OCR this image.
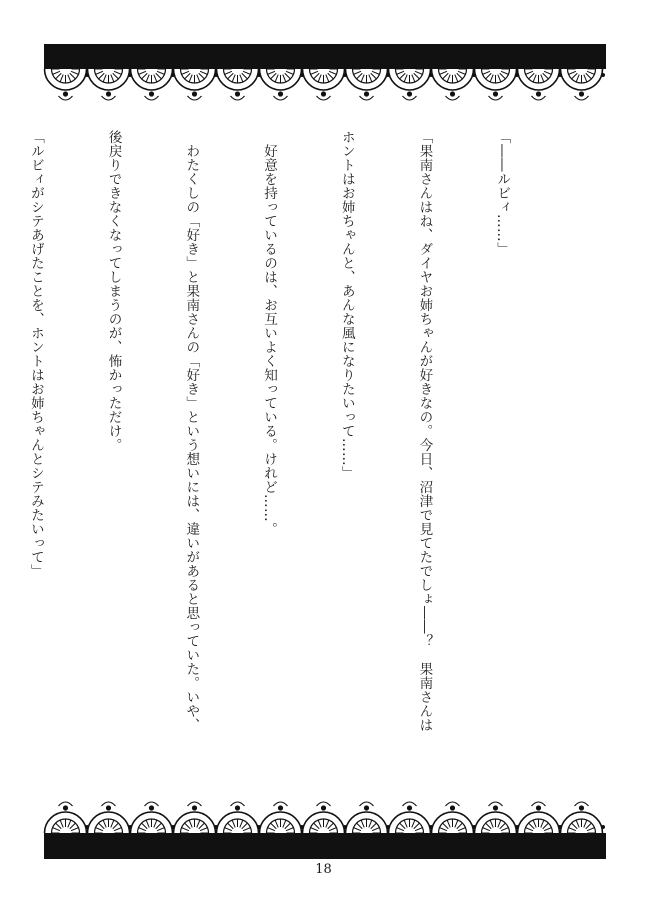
「――ルビィ……」

「果南さんはね、ダイヤお姉ちゃんが好きなの。今日、沼津で見てたでしょ――？　果南さんは

ホントはお姉ちゃんと、あんな風になりたいって……」

　好意を持っているのは、お互いよく知っている。けれど……。

　わたくしの「好き」と果南さんの「好き」という想いには、違いがあると思っていた。いや、

後戻りできなくなってしまうのが、怖かっただけ。

「ルビィがシテあげたことを、ホントはお姉ちゃんとシテみたいって」

18
